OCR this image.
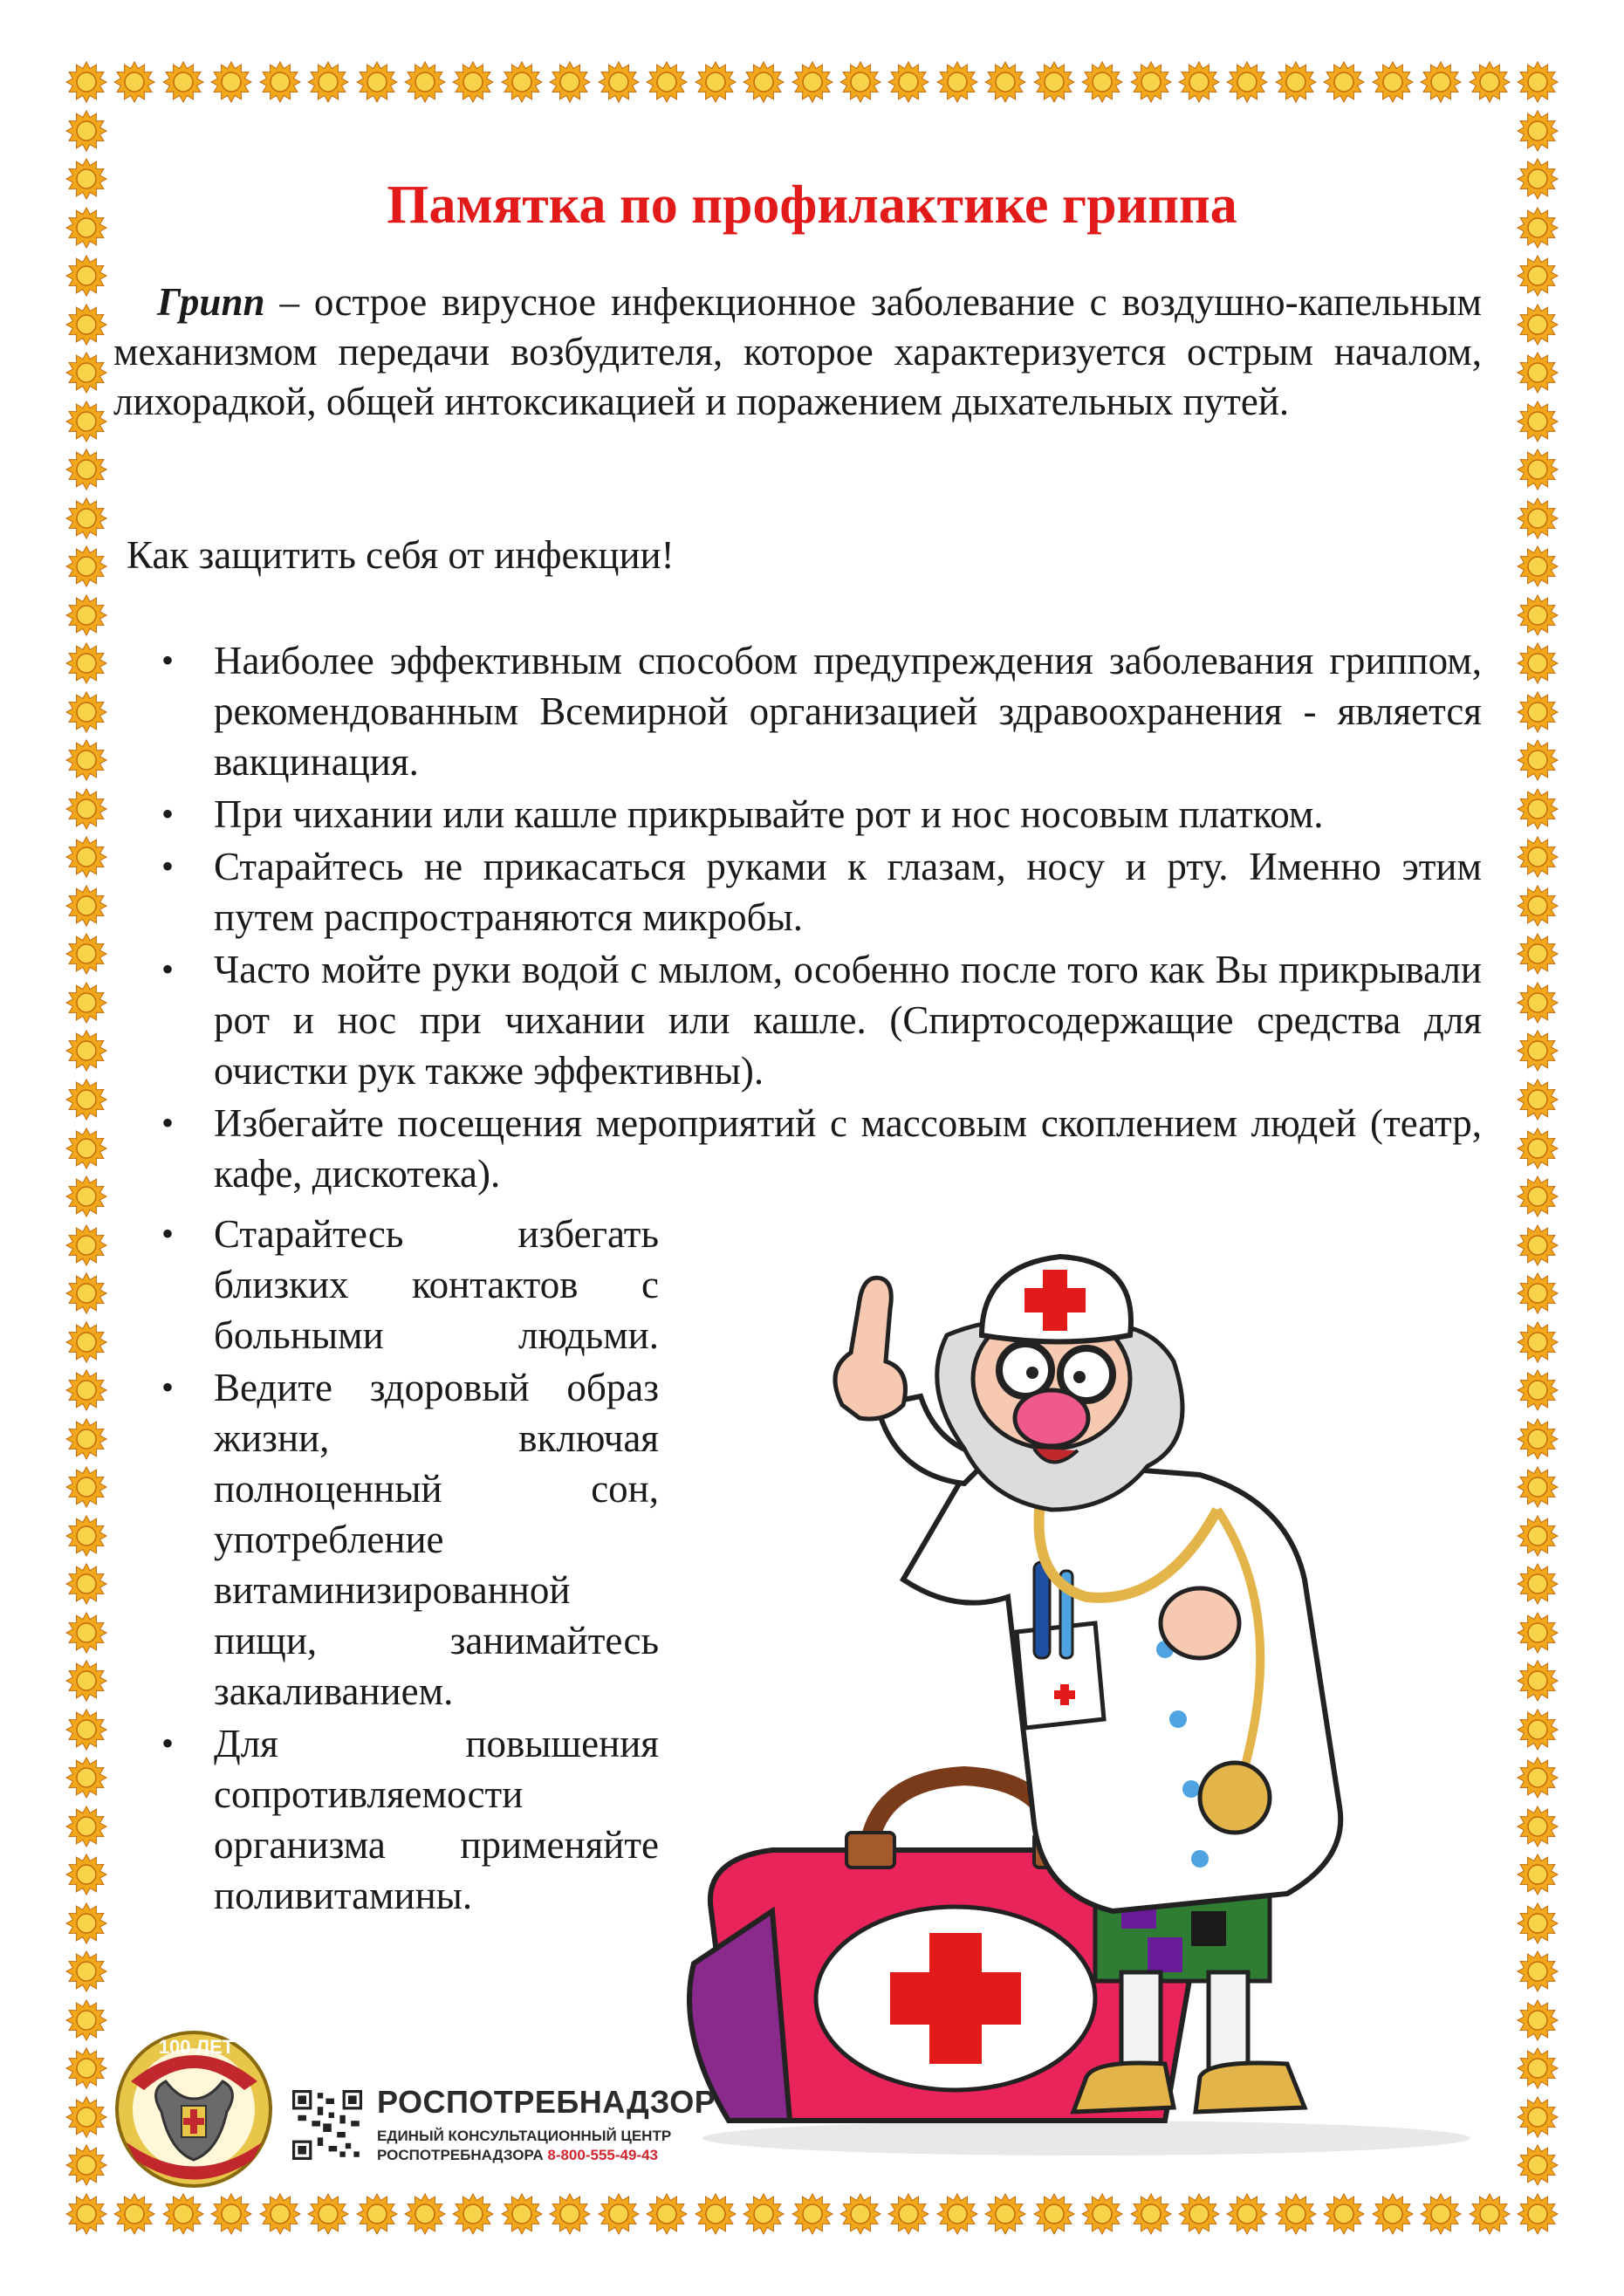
Памятка по профилактике гриппа

Грипп – острое вирусное инфекционное заболевание с воздушно-капельным механизмом передачи возбудителя, которое характеризуется острым началом, лихорадкой, общей интоксикацией и поражением дыхательных путей.

Как защитить себя от инфекции!

• Наиболее эффективным способом предупреждения заболевания гриппом, рекомендованным Всемирной организацией здравоохранения - является вакцинация.
• При чихании или кашле прикрывайте рот и нос носовым платком.
• Старайтесь не прикасаться руками к глазам, носу и рту. Именно этим путем распространяются микробы.
• Часто мойте руки водой с мылом, особенно после того как Вы прикрывали рот и нос при чихании или кашле. (Спиртосодержащие средства для очистки рук также эффективны).
• Избегайте посещения мероприятий с массовым скоплением людей (театр, кафе, дискотека).
• Старайтесь избегать близких контактов с больными людьми.
• Ведите здоровый образ жизни, включая полноценный сон, употребление витаминизированной пищи, занимайтесь закаливанием.
• Для повышения сопротивляемости организма применяйте поливитамины.
100 ЛЕТ
РОСПОТРЕБНАДЗОР
ЕДИНЫЙ КОНСУЛЬТАЦИОННЫЙ ЦЕНТР
РОСПОТРЕБНАДЗОРА 8-800-555-49-43
